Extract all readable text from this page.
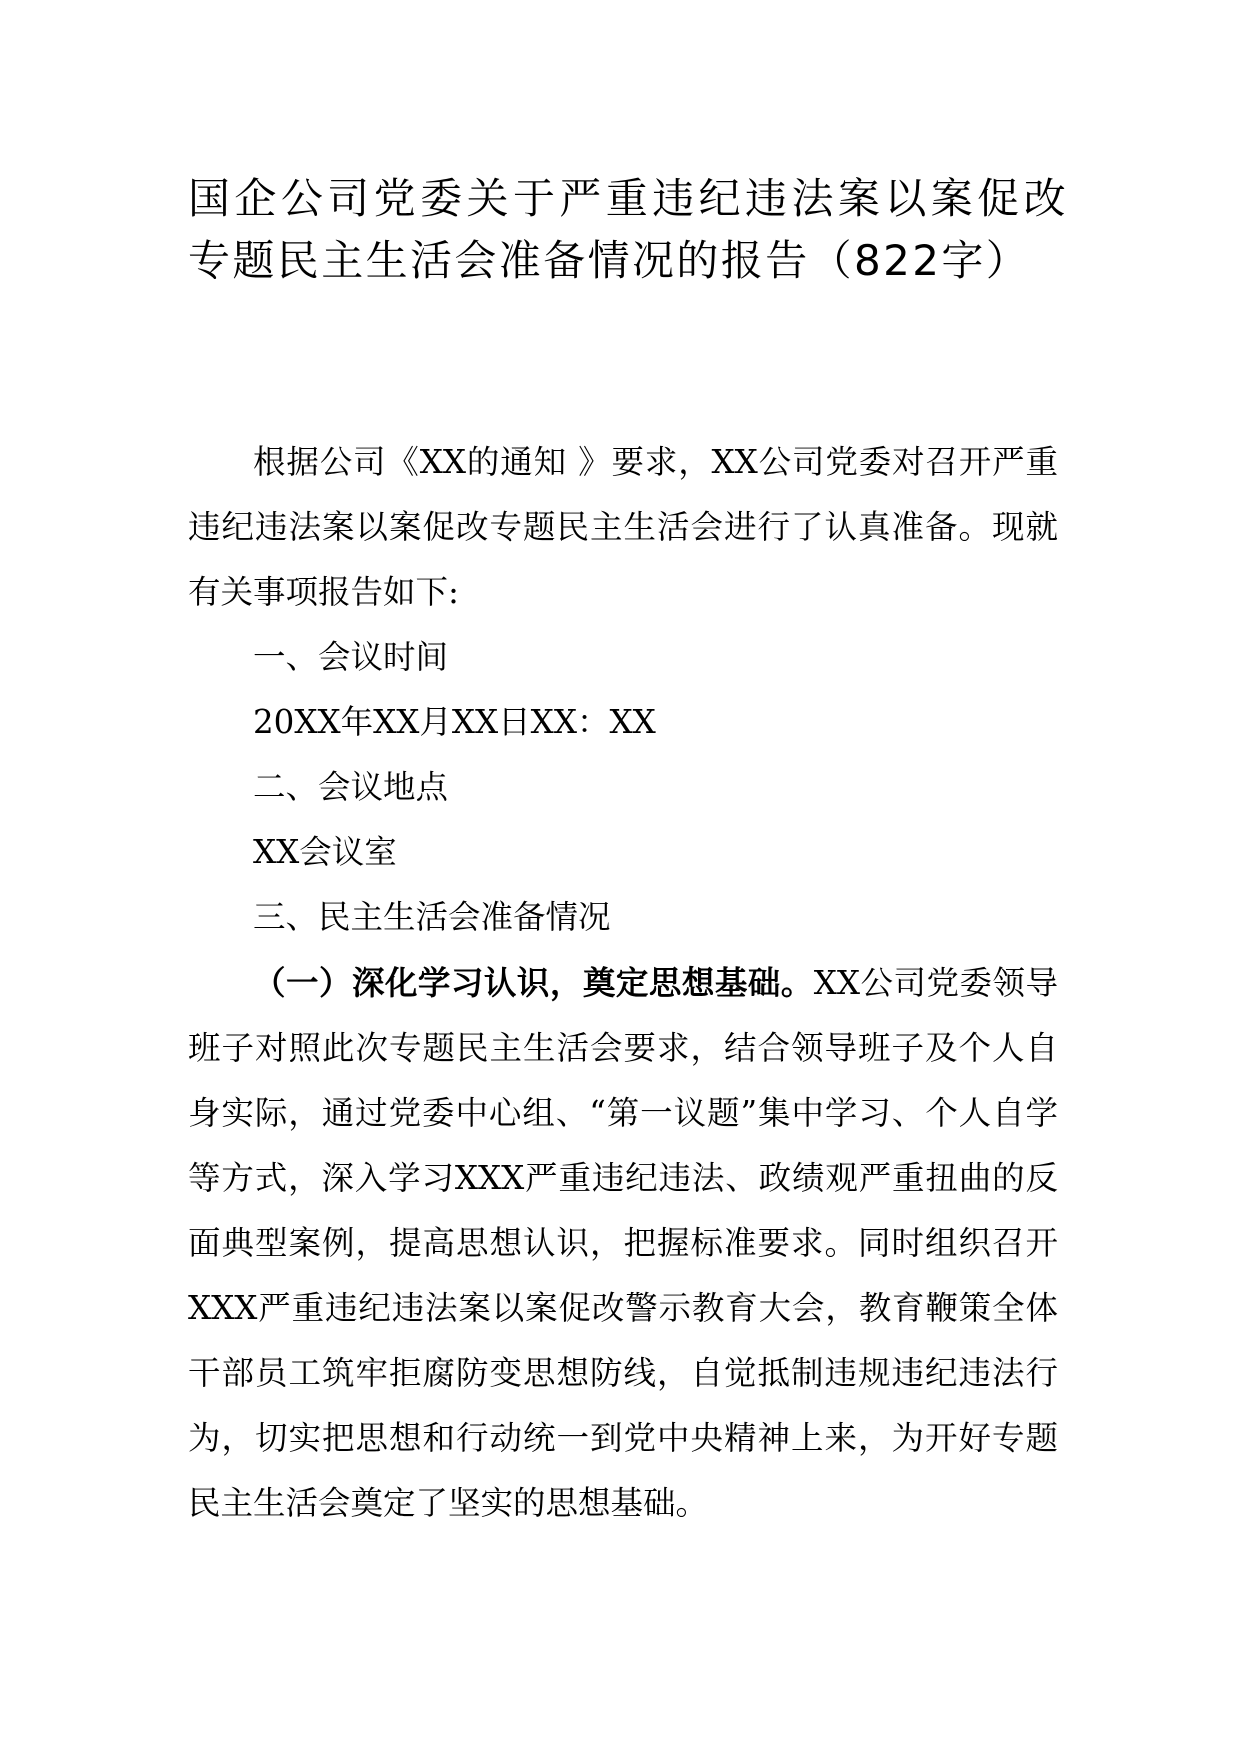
国企公司党委关于严重违纪违法案以案促改专题民主生活会准备情况的报告（822字）

根据公司《XX的通知 》要求，XX公司党委对召开严重违纪违法案以案促改专题民主生活会进行了认真准备。现就有关事项报告如下:

一、会议时间

20XX年XX月XX日XX：XX

二、会议地点

XX会议室

三、民主生活会准备情况

（一）深化学习认识，奠定思想基础。XX公司党委领导班子对照此次专题民主生活会要求，结合领导班子及个人自身实际，通过党委中心组、“第一议题”集中学习、个人自学等方式，深入学习XXX严重违纪违法、政绩观严重扭曲的反面典型案例，提高思想认识，把握标准要求。同时组织召开XXX严重违纪违法案以案促改警示教育大会，教育鞭策全体干部员工筑牢拒腐防变思想防线，自觉抵制违规违纪违法行为，切实把思想和行动统一到党中央精神上来，为开好专题民主生活会奠定了坚实的思想基础。
